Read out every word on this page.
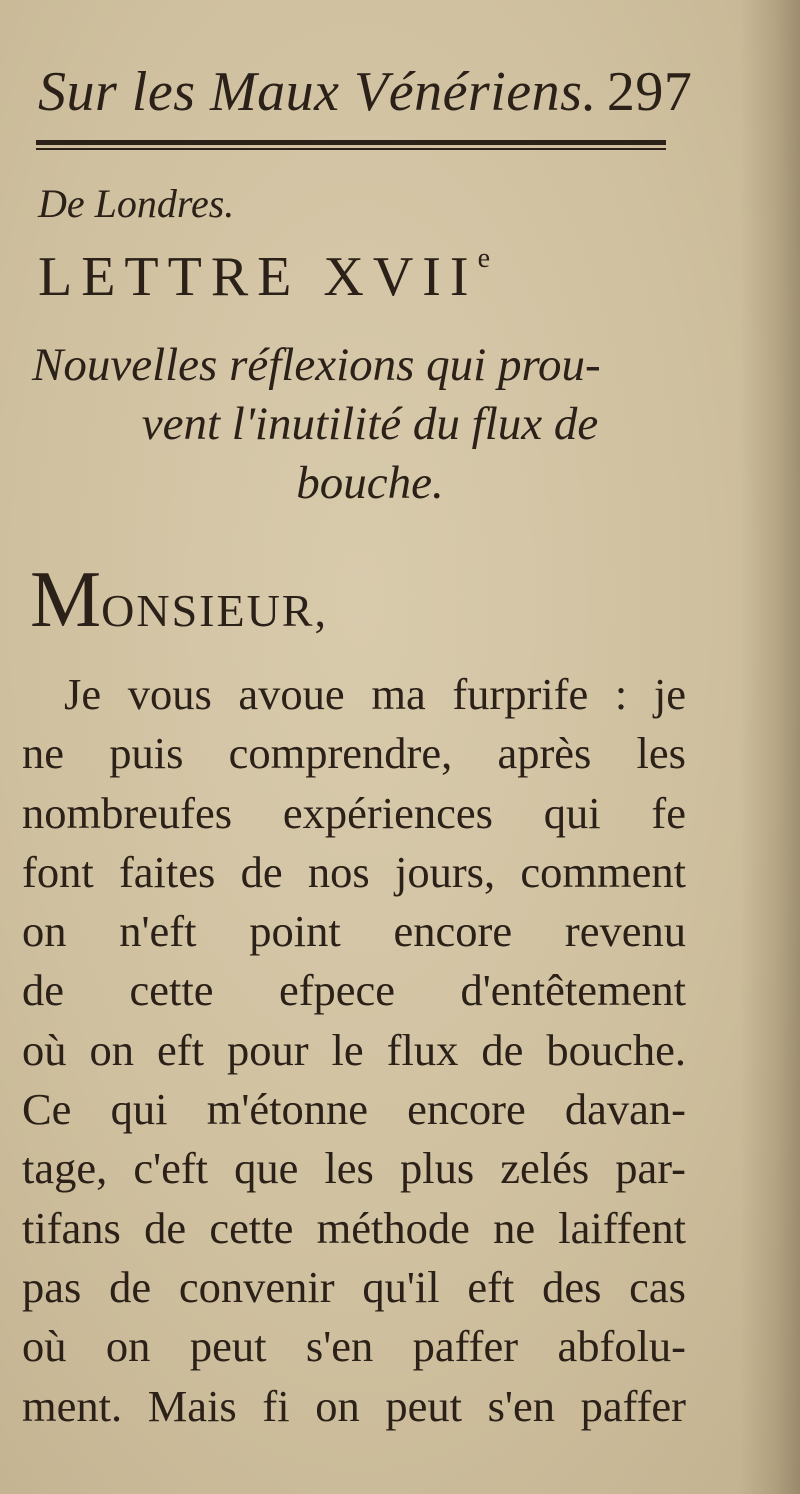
Sur les Maux Vénériens. 297
De Londres.
LETTRE XVIIe
Nouvelles réflexions qui prou-
vent l'inutilité du flux de
bouche.
MONSIEUR,
Je vous avoue ma furprife : je
ne puis comprendre, après les
nombreufes expériences qui fe
font faites de nos jours, comment
on n'eft point encore revenu
de cette efpece d'entêtement
où on eft pour le flux de bouche.
Ce qui m'étonne encore davan-
tage, c'eft que les plus zelés par-
tifans de cette méthode ne laiffent
pas de convenir qu'il eft des cas
où on peut s'en paffer abfolu-
ment. Mais fi on peut s'en paffer
